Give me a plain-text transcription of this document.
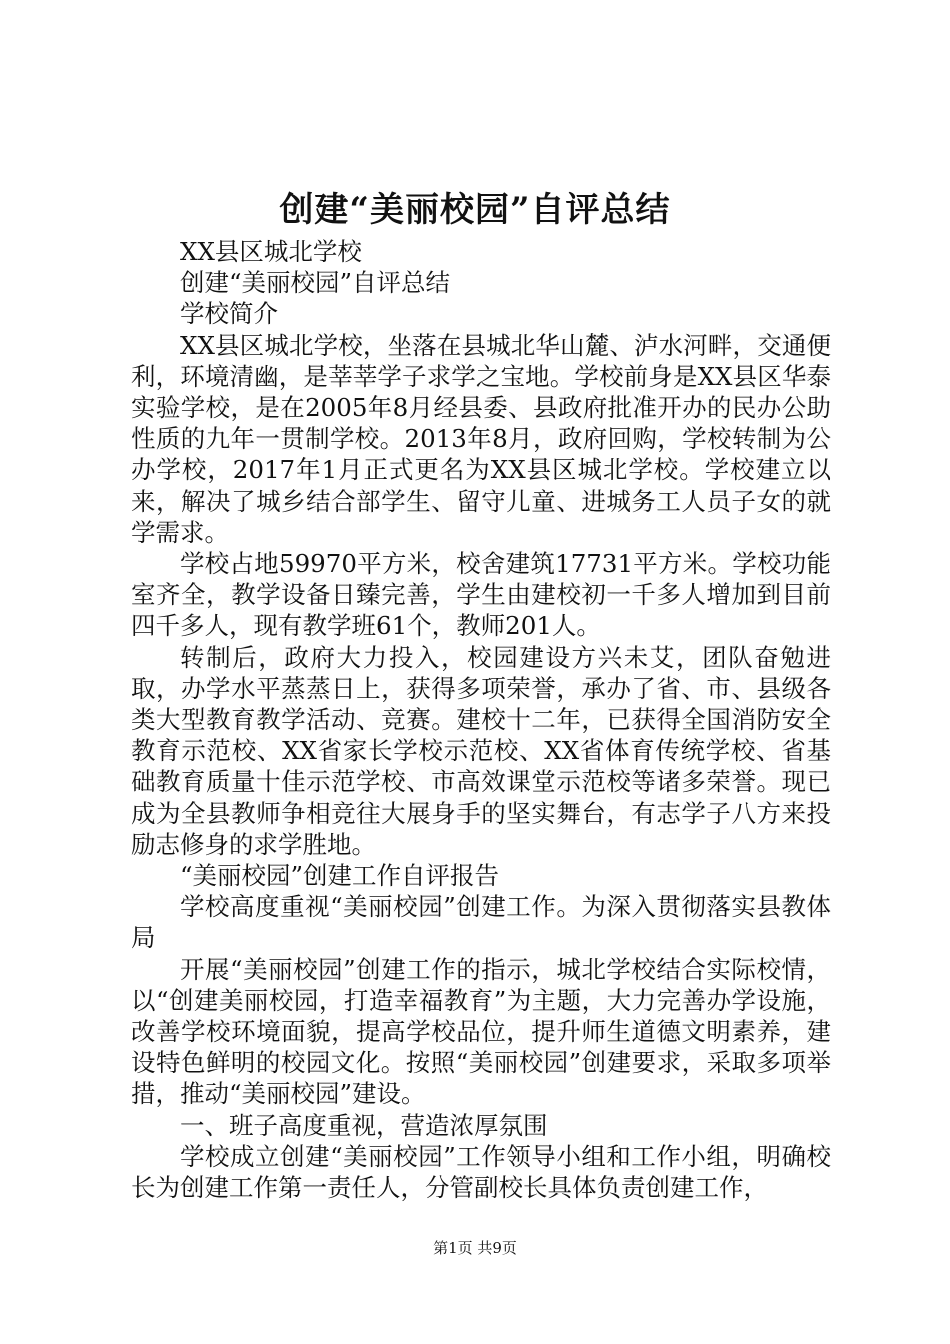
创建“美丽校园”自评总结

XX县区城北学校

创建“美丽校园”自评总结

学校简介

XX县区城北学校，坐落在县城北华山麓、泸水河畔，交通便利，环境清幽，是莘莘学子求学之宝地。学校前身是XX县区华泰实验学校，是在2005年8月经县委、县政府批准开办的民办公助性质的九年一贯制学校。2013年8月，政府回购，学校转制为公办学校，2017年1月正式更名为XX县区城北学校。学校建立以来，解决了城乡结合部学生、留守儿童、进城务工人员子女的就学需求。

学校占地59970平方米，校舍建筑17731平方米。学校功能室齐全，教学设备日臻完善，学生由建校初一千多人增加到目前四千多人，现有教学班61个，教师201人。

转制后，政府大力投入，校园建设方兴未艾，团队奋勉进取，办学水平蒸蒸日上，获得多项荣誉，承办了省、市、县级各类大型教育教学活动、竞赛。建校十二年，已获得全国消防安全教育示范校、XX省家长学校示范校、XX省体育传统学校、省基础教育质量十佳示范学校、市高效课堂示范校等诸多荣誉。现已成为全县教师争相竞往大展身手的坚实舞台，有志学子八方来投励志修身的求学胜地。

“美丽校园”创建工作自评报告

学校高度重视“美丽校园”创建工作。为深入贯彻落实县教体局

开展“美丽校园”创建工作的指示，城北学校结合实际校情，以“创建美丽校园，打造幸福教育”为主题，大力完善办学设施，改善学校环境面貌，提高学校品位，提升师生道德文明素养，建设特色鲜明的校园文化。按照“美丽校园”创建要求，采取多项举措，推动“美丽校园”建设。

一、班子高度重视，营造浓厚氛围

学校成立创建“美丽校园”工作领导小组和工作小组，明确校长为创建工作第一责任人，分管副校长具体负责创建工作，

第1页 共9页
